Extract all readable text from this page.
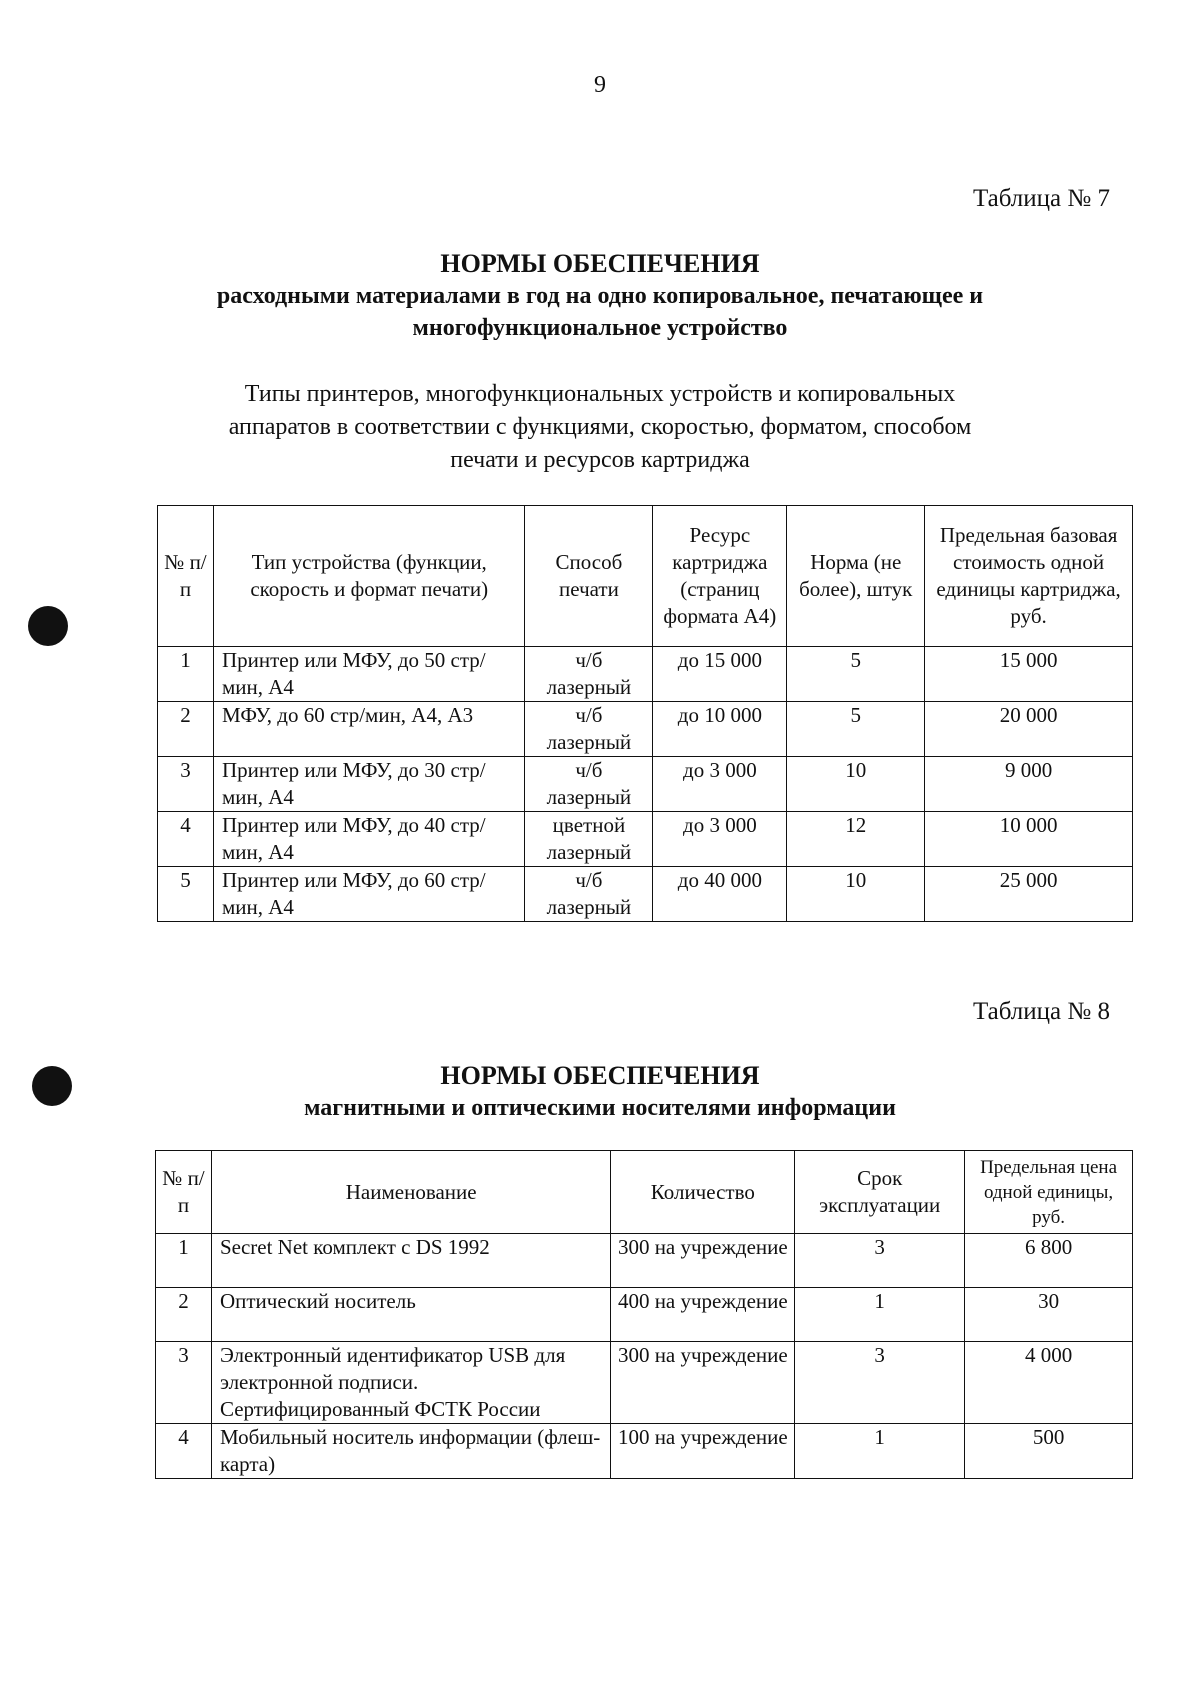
9
Таблица № 7
НОРМЫ ОБЕСПЕЧЕНИЯ
расходными материалами в год на одно копировальное, печатающее и
многофункциональное устройство
Типы принтеров, многофункциональных устройств и копировальных
аппаратов в соответствии с функциями, скоростью, форматом, способом
печати и ресурсов картриджа
№ п/п	Тип устройства (функции, скорость и формат печати)	Способ печати	Ресурс картриджа (страниц формата А4)	Норма (не более), штук	Предельная базовая стоимость одной единицы картриджа, руб.
1	Принтер или МФУ, до 50 стр/мин, А4	ч/б лазерный	до 15 000	5	15 000
2	МФУ, до 60 стр/мин, А4, А3	ч/б лазерный	до 10 000	5	20 000
3	Принтер или МФУ, до 30 стр/мин, А4	ч/б лазерный	до 3 000	10	9 000
4	Принтер или МФУ, до 40 стр/мин, А4	цветной лазерный	до 3 000	12	10 000
5	Принтер или МФУ, до 60 стр/мин, А4	ч/б лазерный	до 40 000	10	25 000
Таблица № 8
НОРМЫ ОБЕСПЕЧЕНИЯ
магнитными и оптическими носителями информации
№ п/п	Наименование	Количество	Срок эксплуатации	Предельная цена одной единицы, руб.
1	Secret Net комплект с DS 1992	300 на учреждение	3	6 800
2	Оптический носитель	400 на учреждение	1	30
3	Электронный идентификатор USB для электронной подписи. Сертифицированный ФСТК России	300 на учреждение	3	4 000
4	Мобильный носитель информации (флеш-карта)	100 на учреждение	1	500
